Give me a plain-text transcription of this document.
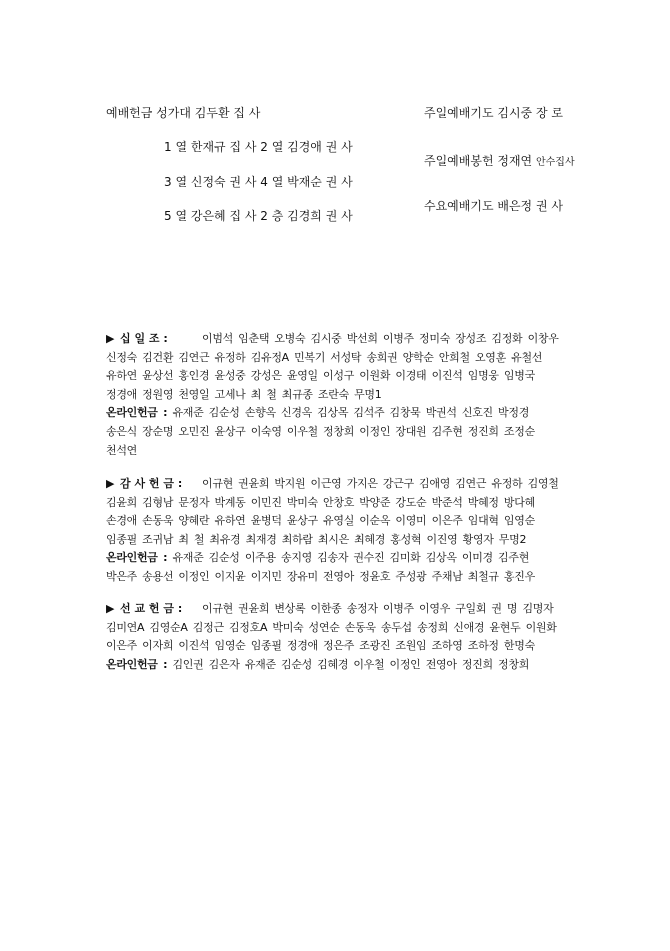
예배헌금 성가대 김두환 집 사
1 열 한재규 집 사 2 열 김경애 권 사
3 열 신정숙 권 사 4 열 박재순 권 사
5 열 강은혜 집 사 2 층 김경희 권 사
주일예배기도 김시중 장 로
주일예배봉헌 정재연 안수집사
수요예배기도 배은정 권 사
▶ 십 일 조 :	이범석 임춘택 오병숙 김시중 박선희 이병주 정미숙 장성조 김정화 이창우
신정숙 김건환 김연근 유정하 김유정A 민복기 서성탁 송희권 양학순 안희철 오영훈 유철선
유하연 윤상선 홍인경 윤성중 강성은 윤영일 이성구 이원화 이경태 이진석 임명웅 임병국
정경애 정원영 천영일 고세나 최 철 최규종 조란숙 무명1
온라인헌금 : 유재준 김순성 손향옥 신경옥 김상목 김석주 김창묵 박권석 신호진 박정경
송은식 장순명 오민진 윤상구 이숙영 이우철 정창희 이정인 장대원 김주현 정진희 조정순
천석연
▶ 감 사 헌 금 :	이규현 권윤희 박지원 이근영 가지은 강근구 김애영 김연근 유정하 김영철
김윤희 김형남 문정자 박계동 이민진 박미숙 안창호 박양준 강도순 박준석 박혜정 방다혜
손경애 손동욱 양혜란 유하연 윤병덕 윤상구 유영실 이순옥 이영미 이은주 임대혁 임영순
임종필 조귀남 최 철 최유경 최재경 최하람 최시은 최혜경 홍성혁 이진영 황영자 무명2
온라인헌금 : 유재준 김순성 이주용 송지영 김송자 권수진 김미화 김상옥 이미경 김주현
박은주 송용선 이정인 이지윤 이지민 장유미 전영아 정윤호 주성광 주채남 최철규 홍진우
▶ 선 교 헌 금 :	이규현 권윤희 변상록 이한종 송정자 이병주 이영우 구일회 권 명 김명자
김미연A 김영순A 김정근 김정호A 박미숙 성연순 손동욱 송두섭 송정희 신애경 윤현두 이원화
이은주 이자희 이진석 임영순 임종필 정경애 정은주 조광진 조원임 조하영 조하정 한명숙
온라인헌금 : 김인권 김은자 유재준 김순성 김혜경 이우철 이정인 전영아 정진희 정창희
